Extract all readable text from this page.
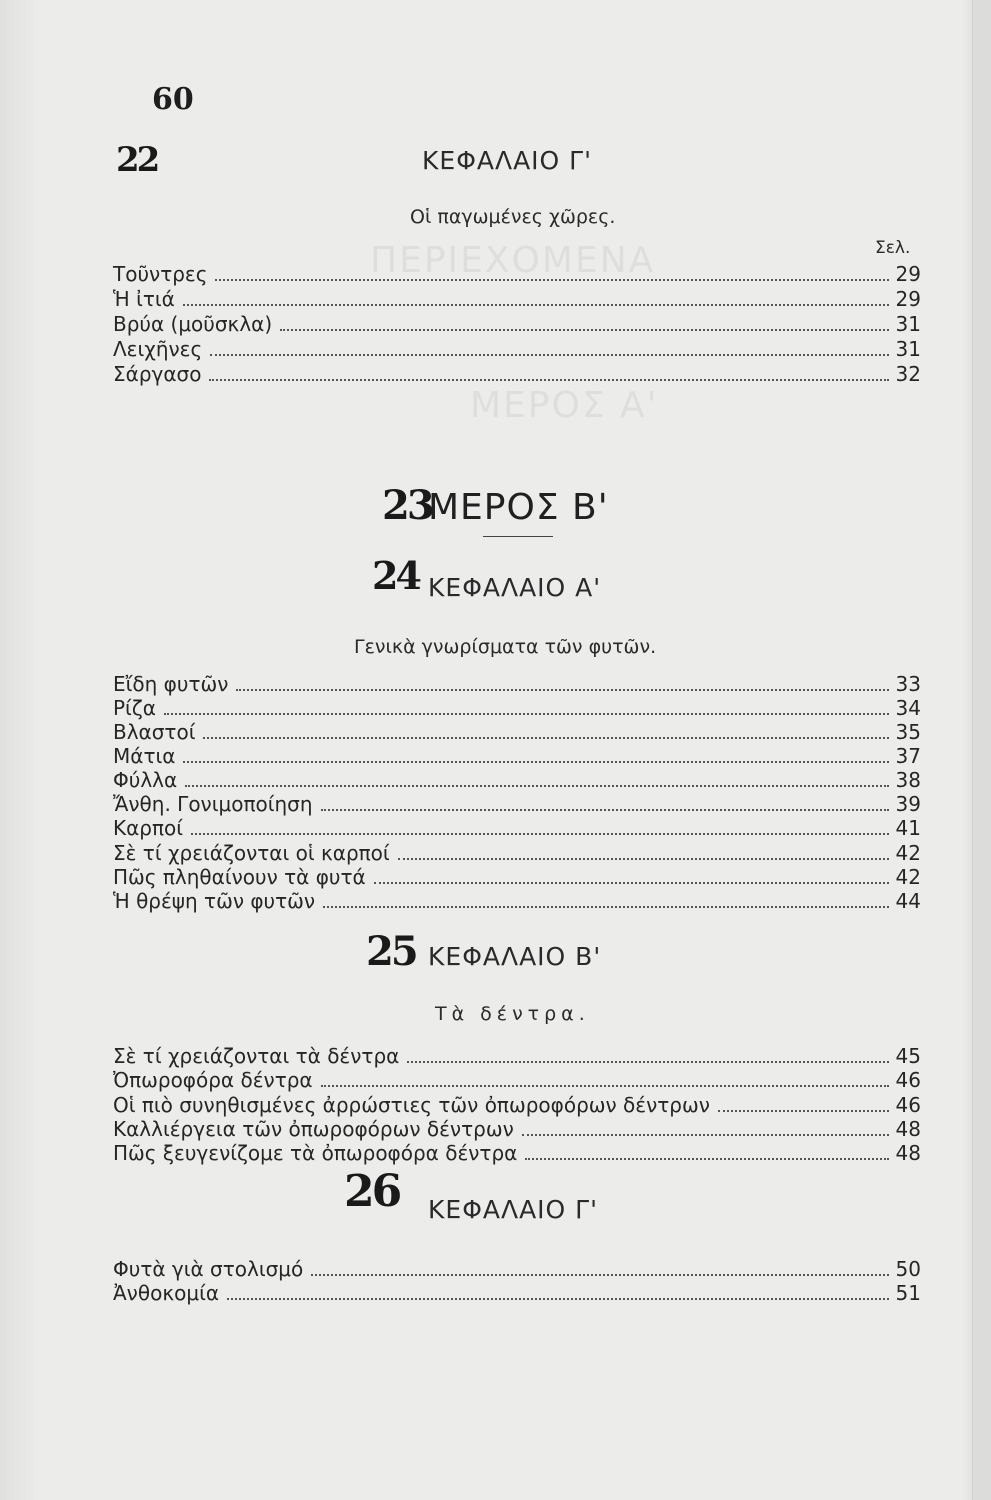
ΠΕΡΙΕΧΟΜΕΝΑ
ΜΕΡΟΣ Α'
60
22	ΚΕΦΑΛΑΙΟ Γ'
Οἱ παγωμένες χῶρες.
Σελ.
Τοῦντρες	29
Ἡ ἰτιά	29
Βρύα (μοῦσκλα)	31
Λειχῆνες	31
Σάργασο	32
23
ΜΕΡΟΣ Β'
24 ΚΕΦΑΛΑΙΟ Α'
Γενικὰ γνωρίσματα τῶν φυτῶν.
Εἴδη φυτῶν	33
Ρίζα	34
Βλαστοί	35
Μάτια	37
Φύλλα	38
Ἄνθη. Γονιμοποίηση	39
Καρποί	41
Σὲ τί χρειάζονται οἱ καρποί	42
Πῶς πληθαίνουν τὰ φυτά	42
Ἡ θρέψη τῶν φυτῶν	44
25 ΚΕΦΑΛΑΙΟ Β'
Τὰ δέντρα.
Σὲ τί χρειάζονται τὰ δέντρα	45
Ὀπωροφόρα δέντρα	46
Οἱ πιὸ συνηθισμένες ἀρρώστιες τῶν ὀπωροφόρων δέντρων	46
Καλλιέργεια τῶν ὀπωροφόρων δέντρων	48
Πῶς ξευγενίζομε τὰ ὀπωροφόρα δέντρα	48
26 ΚΕΦΑΛΑΙΟ Γ'
Φυτὰ γιὰ στολισμό	50
Ἀνθοκομία	51
